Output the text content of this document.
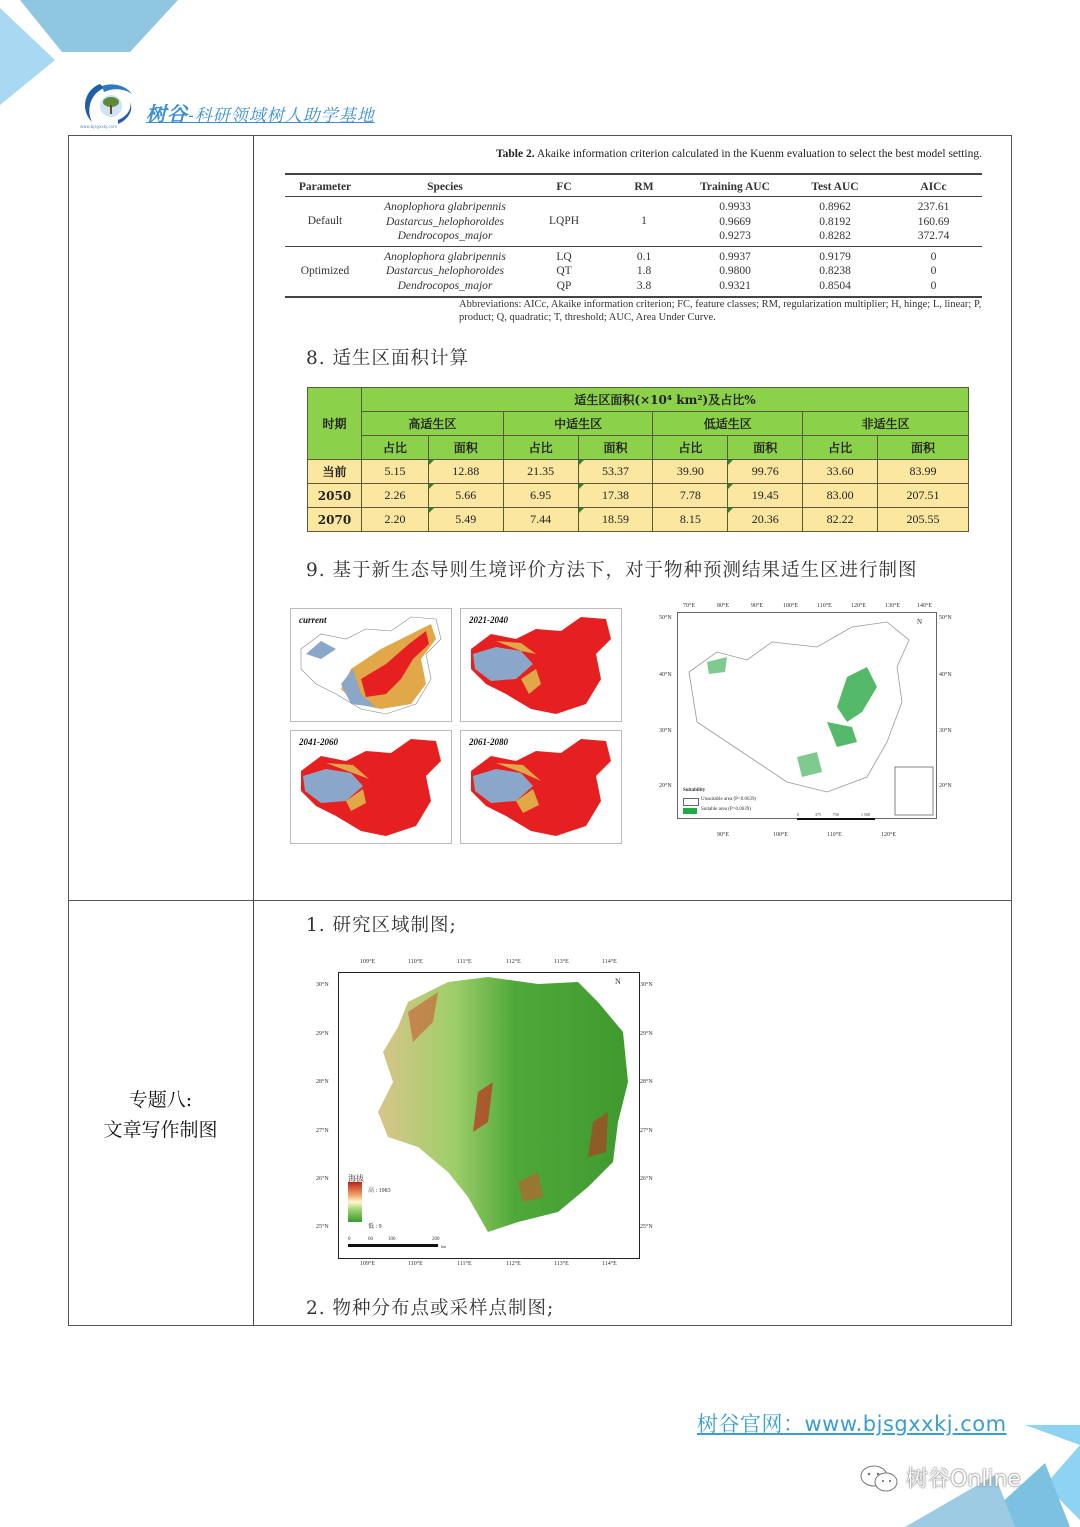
www.bjsgxxkj.com
树谷-科研领域树人助学基地
Table 2. Akaike information criterion calculated in the Kuenm evaluation to select the best model setting.
Parameter	Species	FC	RM	Training AUC	Test AUC	AICc
Default	Anoplophora glabripennis	LQPH	1	0.9933	0.8962	237.61
	Dastarcus_helophoroides			0.9669	0.8192	160.69
	Dendrocopos_major			0.9273	0.8282	372.74
Optimized	Anoplophora glabripennis	LQ	0.1	0.9937	0.9179	0
	Dastarcus_helophoroides	QT	1.8	0.9800	0.8238	0
	Dendrocopos_major	QP	3.8	0.9321	0.8504	0
Abbreviations: AICc, Akaike information criterion; FC, feature classes; RM, regularization multiplier; H, hinge; L, linear; P, product; Q, quadratic; T, threshold; AUC, Area Under Curve.
8. 适生区面积计算
时期	适生区面积(×10⁴ km²)及占比%							
	高适生区		中适生区		低适生区		非适生区	
	占比	面积	占比	面积	占比	面积	占比	面积
当前	5.15	12.88	21.35	53.37	39.90	99.76	33.60	83.99
2050	2.26	5.66	6.95	17.38	7.78	19.45	83.00	207.51
2070	2.20	5.49	7.44	18.59	8.15	20.36	82.22	205.55
9. 基于新生态导则生境评价方法下，对于物种预测结果适生区进行制图
current	2021-2040
2041-2060	2061-2080
70°E	80°E	90°E	100°E	110°E	120°E	130°E	140°E
50°N
40°N
30°N
20°N
50°N
40°N
30°N
20°N
90°E	100°E	110°E	120°E
N
Suitability
Unsuitable area (P<0.0639)
Suitable area (P>0.0639)
0	375	750	1 500
专题八:
文章写作制图
1. 研究区域制图;
109°E	110°E	111°E	112°E	113°E	114°E
109°E	110°E	111°E	112°E	113°E	114°E
30°N
29°N
28°N
27°N
26°N
25°N
30°N
29°N
28°N
27°N
26°N
25°N
N
海拔
高 : 1983
低 : 9
0	60	100	200
km
2. 物种分布点或采样点制图;
树谷官网：www.bjsgxxkj.com
树谷Online
